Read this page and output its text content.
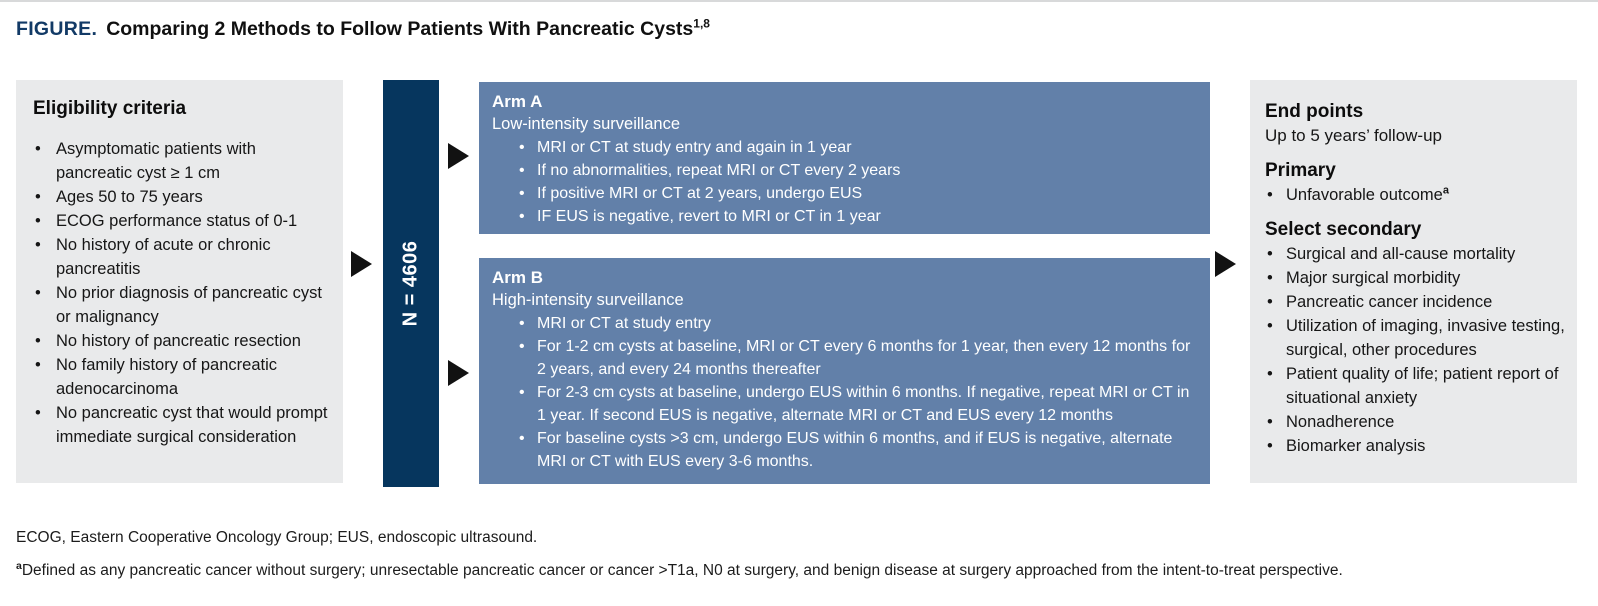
FIGURE. Comparing 2 Methods to Follow Patients With Pancreatic Cysts$^{1,8}$
Eligibility criteria
• Asymptomatic patients with pancreatic cyst ≥ 1 cm
• Ages 50 to 75 years
• ECOG performance status of 0-1
• No history of acute or chronic pancreatitis
• No prior diagnosis of pancreatic cyst or malignancy
• No history of pancreatic resection
• No family history of pancreatic adenocarcinoma
• No pancreatic cyst that would prompt immediate surgical consideration
N = 4606
Arm A
Low-intensity surveillance
• MRI or CT at study entry and again in 1 year
• If no abnormalities, repeat MRI or CT every 2 years
• If positive MRI or CT at 2 years, undergo EUS
• IF EUS is negative, revert to MRI or CT in 1 year
Arm B
High-intensity surveillance
• MRI or CT at study entry
• For 1-2 cm cysts at baseline, MRI or CT every 6 months for 1 year, then every 12 months for 2 years, and every 24 months thereafter
• For 2-3 cm cysts at baseline, undergo EUS within 6 months. If negative, repeat MRI or CT in 1 year. If second EUS is negative, alternate MRI or CT and EUS every 12 months
• For baseline cysts >3 cm, undergo EUS within 6 months, and if EUS is negative, alternate MRI or CT with EUS every 3-6 months.
End points
Up to 5 years’ follow-up
Primary
• Unfavorable outcome$^a$
Select secondary
• Surgical and all-cause mortality
• Major surgical morbidity
• Pancreatic cancer incidence
• Utilization of imaging, invasive testing, surgical, other procedures
• Patient quality of life; patient report of situational anxiety
• Nonadherence
• Biomarker analysis
ECOG, Eastern Cooperative Oncology Group; EUS, endoscopic ultrasound.
$^a$Defined as any pancreatic cancer without surgery; unresectable pancreatic cancer or cancer >T1a, N0 at surgery, and benign disease at surgery approached from the intent-to-treat perspective.
